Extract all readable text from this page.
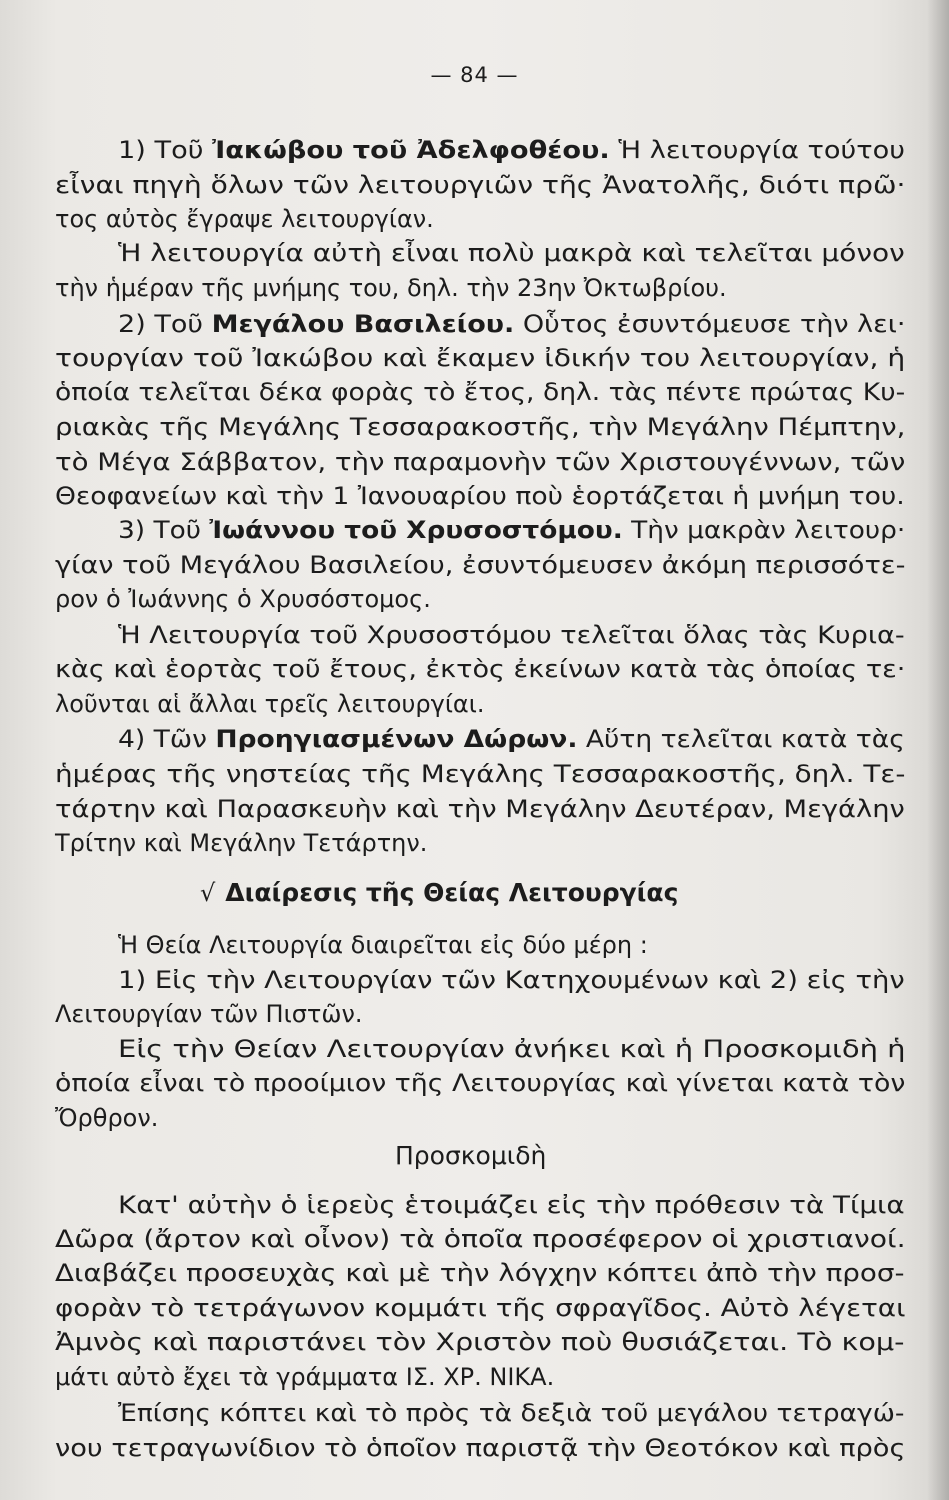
— 84 —
1) Τοῦ Ἰακώβου τοῦ Ἀδελφοθέου. Ἡ λειτουργία τούτου
εἶναι πηγὴ ὅλων τῶν λειτουργιῶν τῆς Ἀνατολῆς, διότι πρῶ·
τος αὐτὸς ἔγραψε λειτουργίαν.
Ἡ λειτουργία αὐτὴ εἶναι πολὺ μακρὰ καὶ τελεῖται μόνον
τὴν ἡμέραν τῆς μνήμης του, δηλ. τὴν 23ην Ὀκτωβρίου.
2) Τοῦ Μεγάλου Βασιλείου. Οὗτος ἐσυντόμευσε τὴν λει·
τουργίαν τοῦ Ἰακώβου καὶ ἔκαμεν ἰδικήν του λειτουργίαν, ἡ
ὁποία τελεῖται δέκα φορὰς τὸ ἔτος, δηλ. τὰς πέντε πρώτας Κυ-
ριακὰς τῆς Μεγάλης Τεσσαρακοστῆς, τὴν Μεγάλην Πέμπτην,
τὸ Μέγα Σάββατον, τὴν παραμονὴν τῶν Χριστουγέννων, τῶν
Θεοφανείων καὶ τὴν 1 Ἰανουαρίου ποὺ ἑορτάζεται ἡ μνήμη του.
3) Τοῦ Ἰωάννου τοῦ Χρυσοστόμου. Τὴν μακρὰν λειτουρ·
γίαν τοῦ Μεγάλου Βασιλείου, ἐσυντόμευσεν ἀκόμη περισσότε-
ρον ὁ Ἰωάννης ὁ Χρυσόστομος.
Ἡ Λειτουργία τοῦ Χρυσοστόμου τελεῖται ὅλας τὰς Κυρια-
κὰς καὶ ἑορτὰς τοῦ ἔτους, ἐκτὸς ἐκείνων κατὰ τὰς ὁποίας τε·
λοῦνται αἱ ἄλλαι τρεῖς λειτουργίαι.
4) Τῶν Προηγιασμένων Δώρων. Αὕτη τελεῖται κατὰ τὰς
ἡμέρας τῆς νηστείας τῆς Μεγάλης Τεσσαρακοστῆς, δηλ. Τε-
τάρτην καὶ Παρασκευὴν καὶ τὴν Μεγάλην Δευτέραν, Μεγάλην
Τρίτην καὶ Μεγάλην Τετάρτην.
√ Διαίρεσις τῆς Θείας Λειτουργίας
Ἡ Θεία Λειτουργία διαιρεῖται εἰς δύο μέρη :
1) Εἰς τὴν Λειτουργίαν τῶν Κατηχουμένων καὶ 2) εἰς τὴν
Λειτουργίαν τῶν Πιστῶν.
Εἰς τὴν Θείαν Λειτουργίαν ἀνήκει καὶ ἡ Προσκομιδὴ ἡ
ὁποία εἶναι τὸ προοίμιον τῆς Λειτουργίας καὶ γίνεται κατὰ τὸν
Ὄρθρον.
Προσκομιδὴ
Κατ' αὐτὴν ὁ ἱερεὺς ἑτοιμάζει εἰς τὴν πρόθεσιν τὰ Τίμια
Δῶρα (ἄρτον καὶ οἶνον) τὰ ὁποῖα προσέφερον οἱ χριστιανοί.
Διαβάζει προσευχὰς καὶ μὲ τὴν λόγχην κόπτει ἀπὸ τὴν προσ-
φορὰν τὸ τετράγωνον κομμάτι τῆς σφραγῖδος. Αὐτὸ λέγεται
Ἀμνὸς καὶ παριστάνει τὸν Χριστὸν ποὺ θυσιάζεται. Τὸ κομ-
μάτι αὐτὸ ἔχει τὰ γράμματα ΙΣ. ΧΡ. ΝΙΚΑ.
Ἐπίσης κόπτει καὶ τὸ πρὸς τὰ δεξιὰ τοῦ μεγάλου τετραγώ-
νου τετραγωνίδιον τὸ ὁποῖον παριστᾷ τὴν Θεοτόκον καὶ πρὸς
